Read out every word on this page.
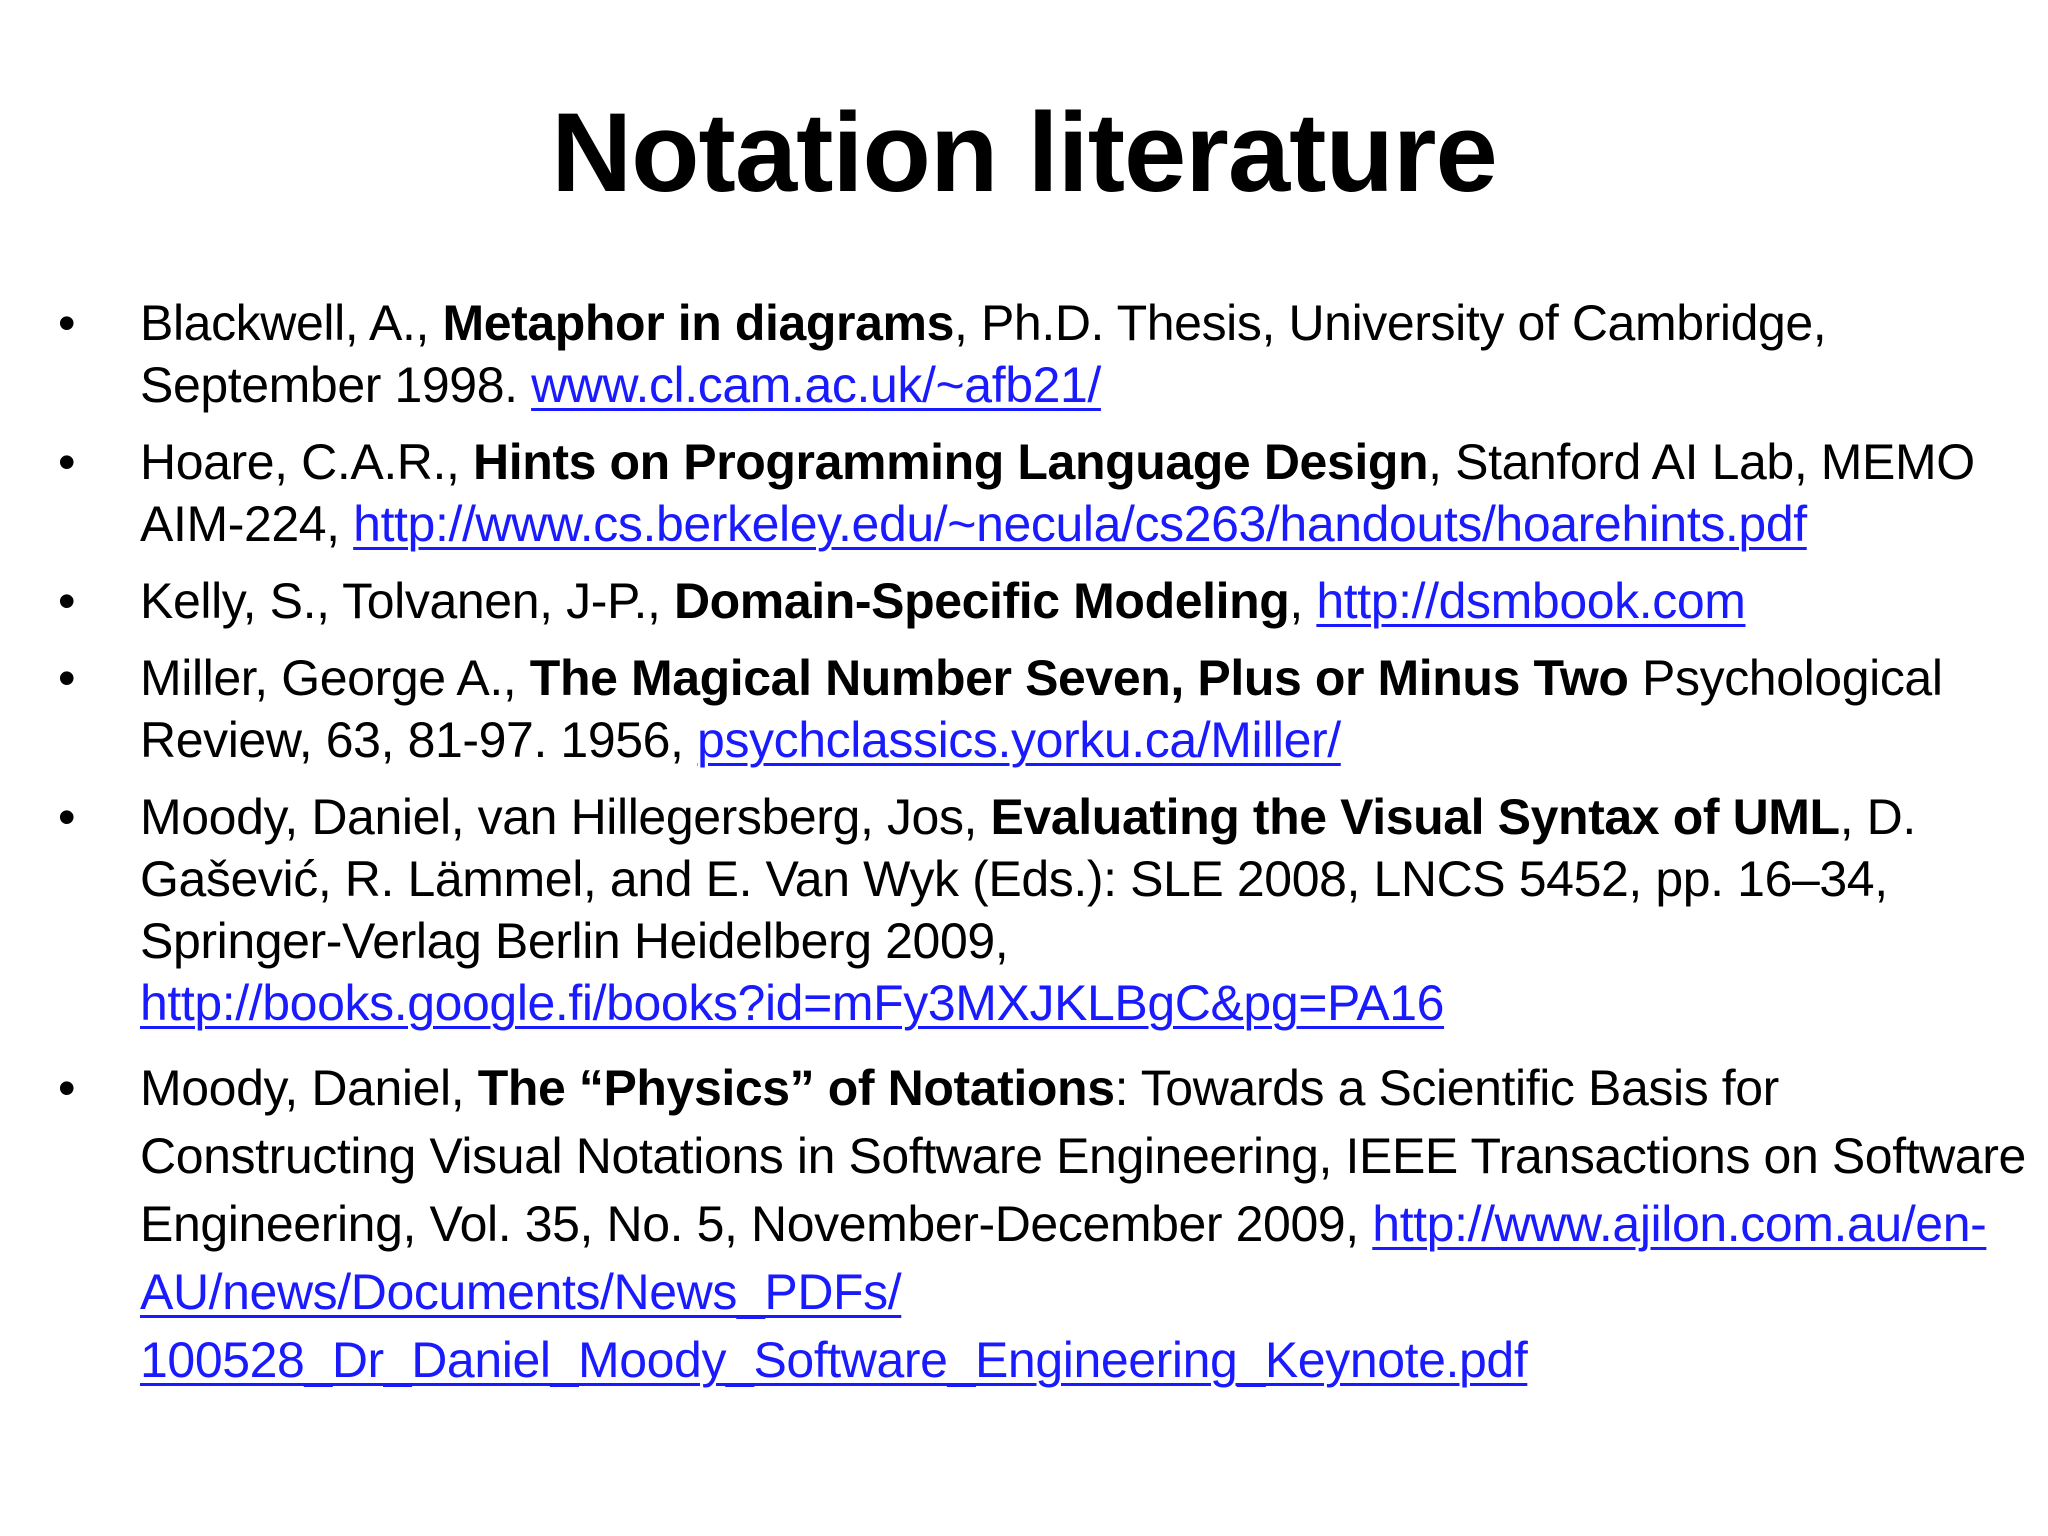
Notation literature
• Blackwell, A., Metaphor in diagrams, Ph.D. Thesis, University of Cambridge, September 1998. www.cl.cam.ac.uk/~afb21/
• Hoare, C.A.R., Hints on Programming Language Design, Stanford AI Lab, MEMO AIM-224, http://www.cs.berkeley.edu/~necula/cs263/handouts/hoarehints.pdf
• Kelly, S., Tolvanen, J-P., Domain-Specific Modeling, http://dsmbook.com
• Miller, George A., The Magical Number Seven, Plus or Minus Two Psychological Review, 63, 81-97. 1956, psychclassics.yorku.ca/Miller/
• Moody, Daniel, van Hillegersberg, Jos, Evaluating the Visual Syntax of UML, D. Gašević, R. Lämmel, and E. Van Wyk (Eds.): SLE 2008, LNCS 5452, pp. 16–34, Springer-Verlag Berlin Heidelberg 2009, http://books.google.fi/books?id=mFy3MXJKLBgC&pg=PA16
• Moody, Daniel, The “Physics” of Notations: Towards a Scientific Basis for Constructing Visual Notations in Software Engineering, IEEE Transactions on Software Engineering, Vol. 35, No. 5, November-December 2009, http://www.ajilon.com.au/en-AU/news/Documents/News_PDFs/ 100528_Dr_Daniel_Moody_Software_Engineering_Keynote.pdf
